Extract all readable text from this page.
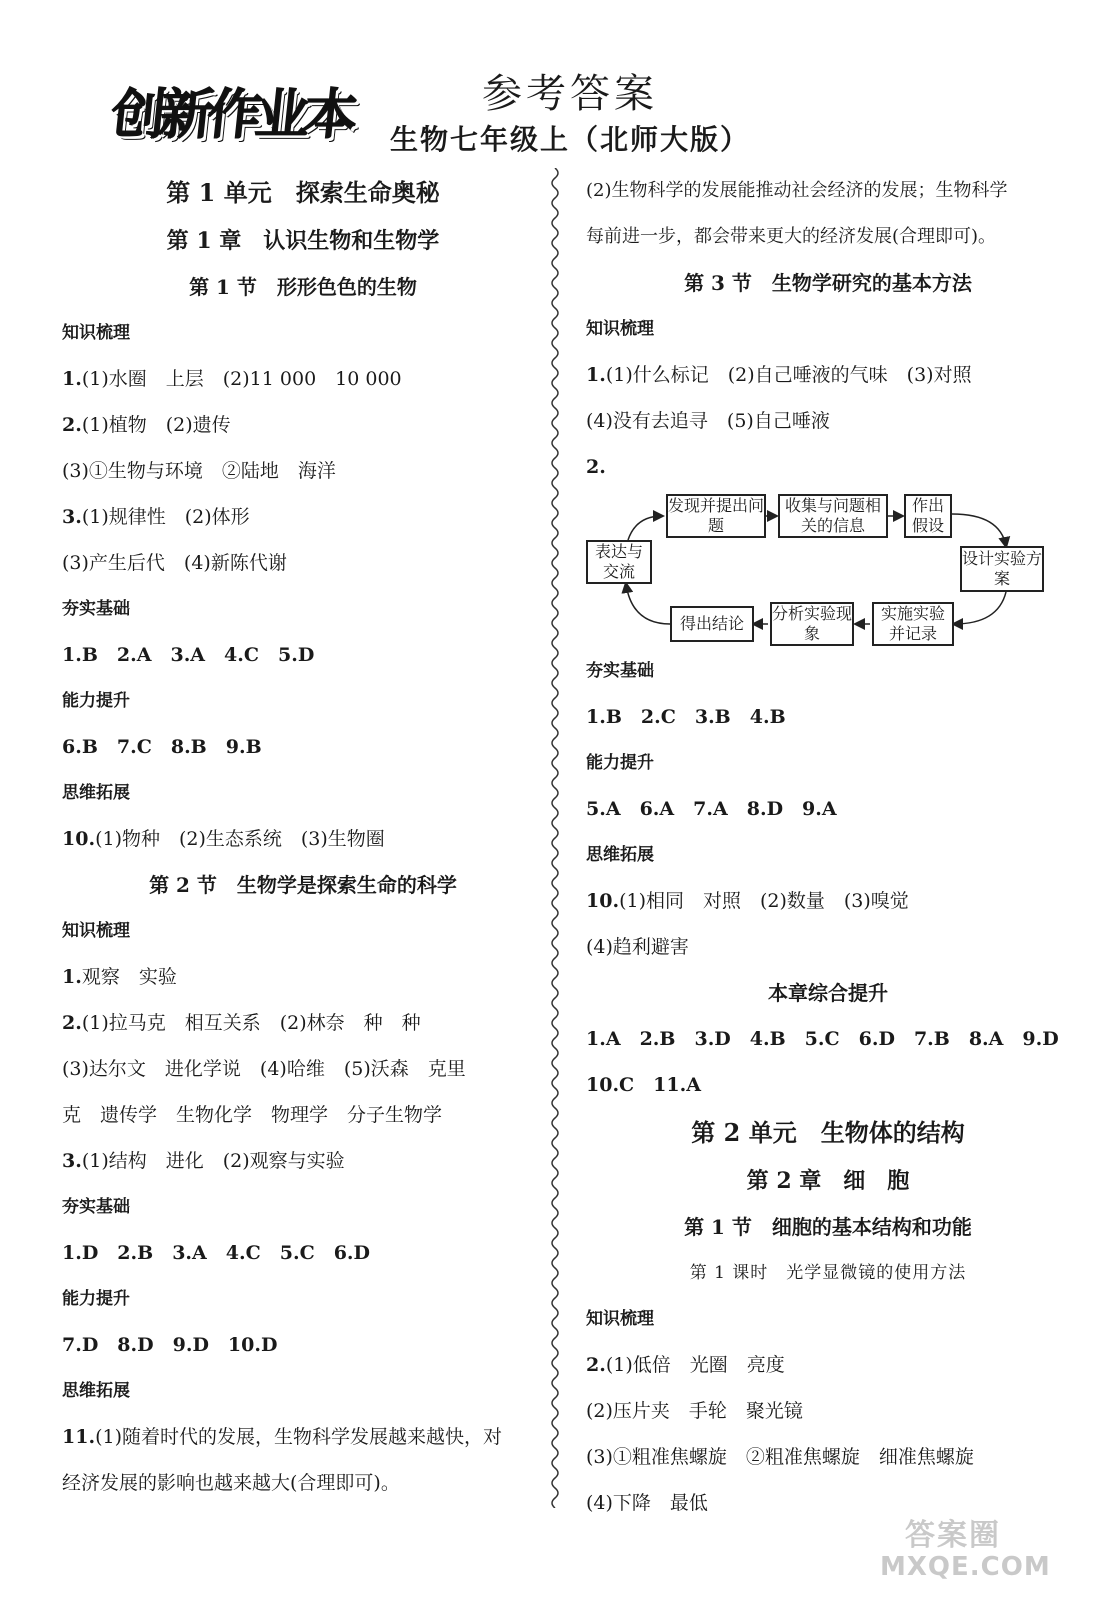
创新作业本	参考答案
生物七年级上（北师大版）
第 1 单元　探索生命奥秘
第 1 章　认识生物和生物学
第 1 节　形形色色的生物
知识梳理
1.(1)水圈　上层　(2)11 000　10 000
2.(1)植物　(2)遗传
(3)①生物与环境　②陆地　海洋
3.(1)规律性　(2)体形
(3)产生后代　(4)新陈代谢
夯实基础
1.B　2.A　3.A　4.C　5.D
能力提升
6.B　7.C　8.B　9.B
思维拓展
10.(1)物种　(2)生态系统　(3)生物圈
第 2 节　生物学是探索生命的科学
知识梳理
1.观察　实验
2.(1)拉马克　相互关系　(2)林奈　种　种
(3)达尔文　进化学说　(4)哈维　(5)沃森　克里
克　遗传学　生物化学　物理学　分子生物学
3.(1)结构　进化　(2)观察与实验
夯实基础
1.D　2.B　3.A　4.C　5.C　6.D
能力提升
7.D　8.D　9.D　10.D
思维拓展
11.(1)随着时代的发展，生物科学发展越来越快，对
经济发展的影响也越来越大(合理即可)。
(2)生物科学的发展能推动社会经济的发展；生物科学
每前进一步，都会带来更大的经济发展(合理即可)。
第 3 节　生物学研究的基本方法
知识梳理
1.(1)什么标记　(2)自己唾液的气味　(3)对照
(4)没有去追寻　(5)自己唾液
2.
发现并提出问题
收集与问题相关的信息
作出假设
设计实验方案
实施实验并记录
分析实验现象
得出结论
表达与交流
夯实基础
1.B　2.C　3.B　4.B
能力提升
5.A　6.A　7.A　8.D　9.A
思维拓展
10.(1)相同　对照　(2)数量　(3)嗅觉
(4)趋利避害
本章综合提升
1.A　2.B　3.D　4.B　5.C　6.D　7.B　8.A　9.D
10.C　11.A
第 2 单元　生物体的结构
第 2 章　细　胞
第 1 节　细胞的基本结构和功能
第 1 课时　光学显微镜的使用方法
知识梳理
2.(1)低倍　光圈　亮度
(2)压片夹　手轮　聚光镜
(3)①粗准焦螺旋　②粗准焦螺旋　细准焦螺旋
(4)下降　最低
答案圈
MXQE.COM
